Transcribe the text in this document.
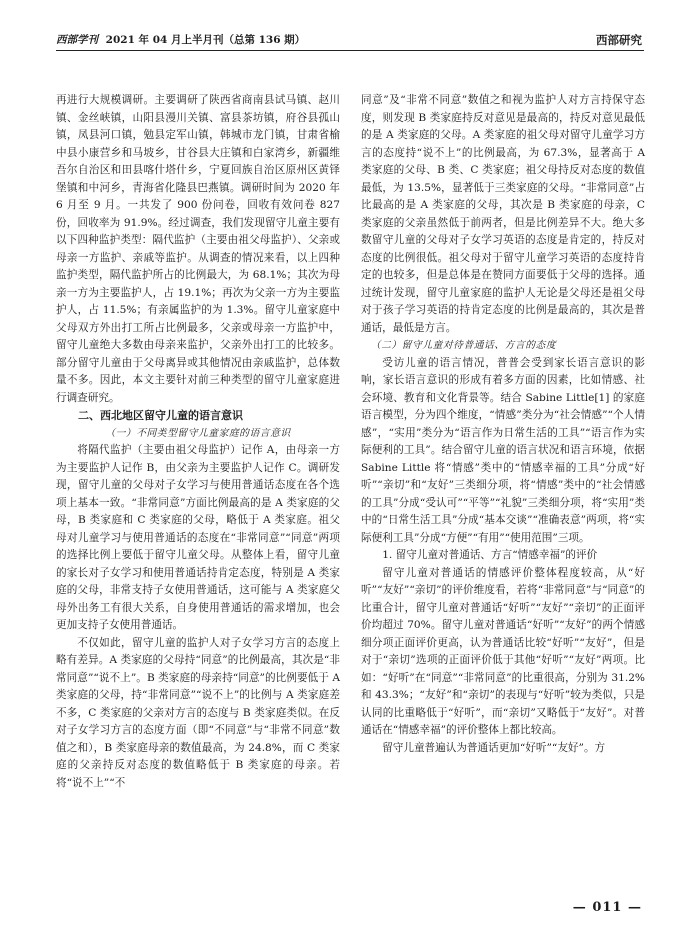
西部学刊 2021 年 04 月上半月刊（总第 136 期）	西部研究

再进行大规模调研。主要调研了陕西省商南县试马镇、赵川镇、金丝峡镇，山阳县漫川关镇、富县茶坊镇，府谷县孤山镇，凤县河口镇，勉县定军山镇，韩城市龙门镇，甘肃省榆中县小康营乡和马坡乡，甘谷县大庄镇和白家湾乡，新疆维吾尔自治区和田县喀什塔什乡，宁夏回族自治区原州区黄铎堡镇和中河乡，青海省化隆县巴燕镇。调研时间为 2020 年 6 月至 9 月。一共发了 900 份问卷，回收有效问卷 827 份，回收率为 91.9%。经过调查，我们发现留守儿童主要有以下四种监护类型：隔代监护（主要由祖父母监护）、父亲或母亲一方监护、亲戚等监护。从调查的情况来看，以上四种监护类型，隔代监护所占的比例最大，为 68.1%；其次为母亲一方为主要监护人，占 19.1%；再次为父亲一方为主要监护人，占 11.5%；有亲属监护的为 1.3%。留守儿童家庭中父母双方外出打工所占比例最多，父亲或母亲一方监护中，留守儿童绝大多数由母亲来监护，父亲外出打工的比较多。部分留守儿童由于父母离异或其他情况由亲戚监护，总体数量不多。因此，本文主要针对前三种类型的留守儿童家庭进行调查研究。

二、西北地区留守儿童的语言意识
（一）不同类型留守儿童家庭的语言意识

将隔代监护（主要由祖父母监护）记作 A，由母亲一方为主要监护人记作 B，由父亲为主要监护人记作 C。调研发现，留守儿童的父母对子女学习与使用普通话态度在各个选项上基本一致。“非常同意”方面比例最高的是 A 类家庭的父母，B 类家庭和 C 类家庭的父母，略低于 A 类家庭。祖父母对儿童学习与使用普通话的态度在“非常同意”“同意”两项的选择比例上要低于留守儿童父母。从整体上看，留守儿童的家长对子女学习和使用普通话持肯定态度，特别是 A 类家庭的父母，非常支持子女使用普通话，这可能与 A 类家庭父母外出务工有很大关系，自身使用普通话的需求增加，也会更加支持子女使用普通话。

不仅如此，留守儿童的监护人对子女学习方言的态度上略有差异。A 类家庭的父母持“同意”的比例最高，其次是“非常同意”“说不上”。B 类家庭的母亲持“同意”的比例要低于 A 类家庭的父母，持“非常同意”“说不上”的比例与 A 类家庭差不多，C 类家庭的父亲对方言的态度与 B 类家庭类似。在反对子女学习方言的态度方面（即“不同意”与“非常不同意”数值之和），B 类家庭母亲的数值最高，为 24.8%，而 C 类家庭的父亲持反对态度的数值略低于 B 类家庭的母亲。若将“说不上”“不

同意”及“非常不同意”数值之和视为监护人对方言持保守态度，则发现 B 类家庭持反对意见是最高的，持反对意见最低的是 A 类家庭的父母。A 类家庭的祖父母对留守儿童学习方言的态度持“说不上”的比例最高，为 67.3%，显著高于 A 类家庭的父母、B 类、C 类家庭；祖父母持反对态度的数值最低，为 13.5%，显著低于三类家庭的父母。“非常同意”占比最高的是 A 类家庭的父母，其次是 B 类家庭的母亲，C 类家庭的父亲虽然低于前两者，但是比例差异不大。绝大多数留守儿童的父母对子女学习英语的态度是肯定的，持反对态度的比例很低。祖父母对于留守儿童学习英语的态度持肯定的也较多，但是总体是在赞同方面要低于父母的选择。通过统计发现，留守儿童家庭的监护人无论是父母还是祖父母对于孩子学习英语的持肯定态度的比例是最高的，其次是普通话，最低是方言。

（二）留守儿童对待普通话、方言的态度

受访儿童的语言情况，普普会受到家长语言意识的影响，家长语言意识的形成有着多方面的因素，比如情感、社会环境、教育和文化背景等。结合 Sabine Little[1] 的家庭语言模型，分为四个维度，“情感”类分为“社会情感”“个人情感”，“实用”类分为“语言作为日常生活的工具”“语言作为实际便利的工具”。结合留守儿童的语言状况和语言环境，依据 Sabine Little 将“情感”类中的“情感幸福的工具”分成“好听”“亲切”和“友好”三类细分项，将“情感”类中的“社会情感的工具”分成“受认可”“平等”“礼貌”三类细分项，将“实用”类中的“日常生活工具”分成“基本交谈”“准确表意”两项，将“实际便利工具”分成“方便”“有用”“使用范围”三项。

1. 留守儿童对普通话、方言“情感幸福”的评价

留守儿童对普通话的情感评价整体程度较高，从“好听”“友好”“亲切”的评价维度看，若将“非常同意”与“同意”的比重合计，留守儿童对普通话“好听”“友好”“亲切”的正面评价均超过 70%。留守儿童对普通话“好听”“友好”的两个情感细分项正面评价更高，认为普通话比较“好听”“友好”，但是对于“亲切”选项的正面评价低于其他“好听”“友好”两项。比如：“好听”在“同意”“非常同意”的比重很高，分别为 31.2% 和 43.3%；“友好”和“亲切”的表现与“好听”较为类似，只是认同的比重略低于“好听”，而“亲切”又略低于“友好”。对普通话在“情感幸福”的评价整体上都比较高。

留守儿童普遍认为普通话更加“好听”“友好”。方

— 011 —
